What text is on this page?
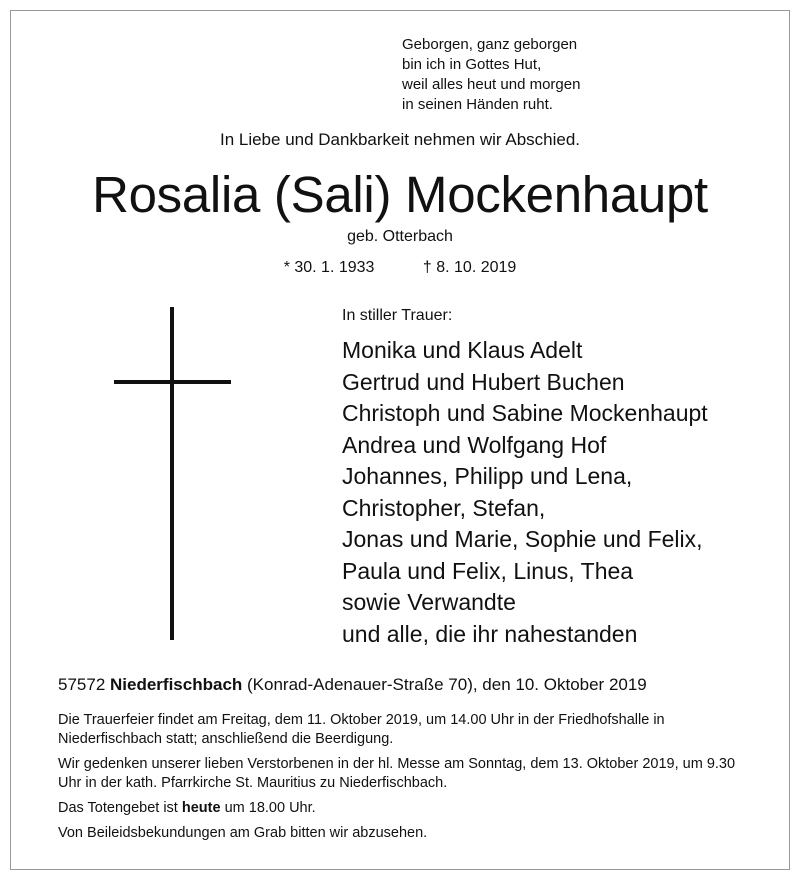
Geborgen, ganz geborgen
bin ich in Gottes Hut,
weil alles heut und morgen
in seinen Händen ruht.
In Liebe und Dankbarkeit nehmen wir Abschied.
Rosalia (Sali) Mockenhaupt
geb. Otterbach
* 30. 1. 1933	† 8. 10. 2019
In stiller Trauer:
Monika und Klaus Adelt
Gertrud und Hubert Buchen
Christoph und Sabine Mockenhaupt
Andrea und Wolfgang Hof
Johannes, Philipp und Lena,
Christopher, Stefan,
Jonas und Marie, Sophie und Felix,
Paula und Felix, Linus, Thea
sowie Verwandte
und alle, die ihr nahestanden
57572 Niederfischbach (Konrad-Adenauer-Straße 70), den 10. Oktober 2019

Die Trauerfeier findet am Freitag, dem 11. Oktober 2019, um 14.00 Uhr in der Friedhofshalle in Niederfischbach statt; anschließend die Beerdigung.

Wir gedenken unserer lieben Verstorbenen in der hl. Messe am Sonntag, dem 13. Oktober 2019, um 9.30 Uhr in der kath. Pfarrkirche St. Mauritius zu Niederfischbach.

Das Totengebet ist heute um 18.00 Uhr.

Von Beileidsbekundungen am Grab bitten wir abzusehen.
